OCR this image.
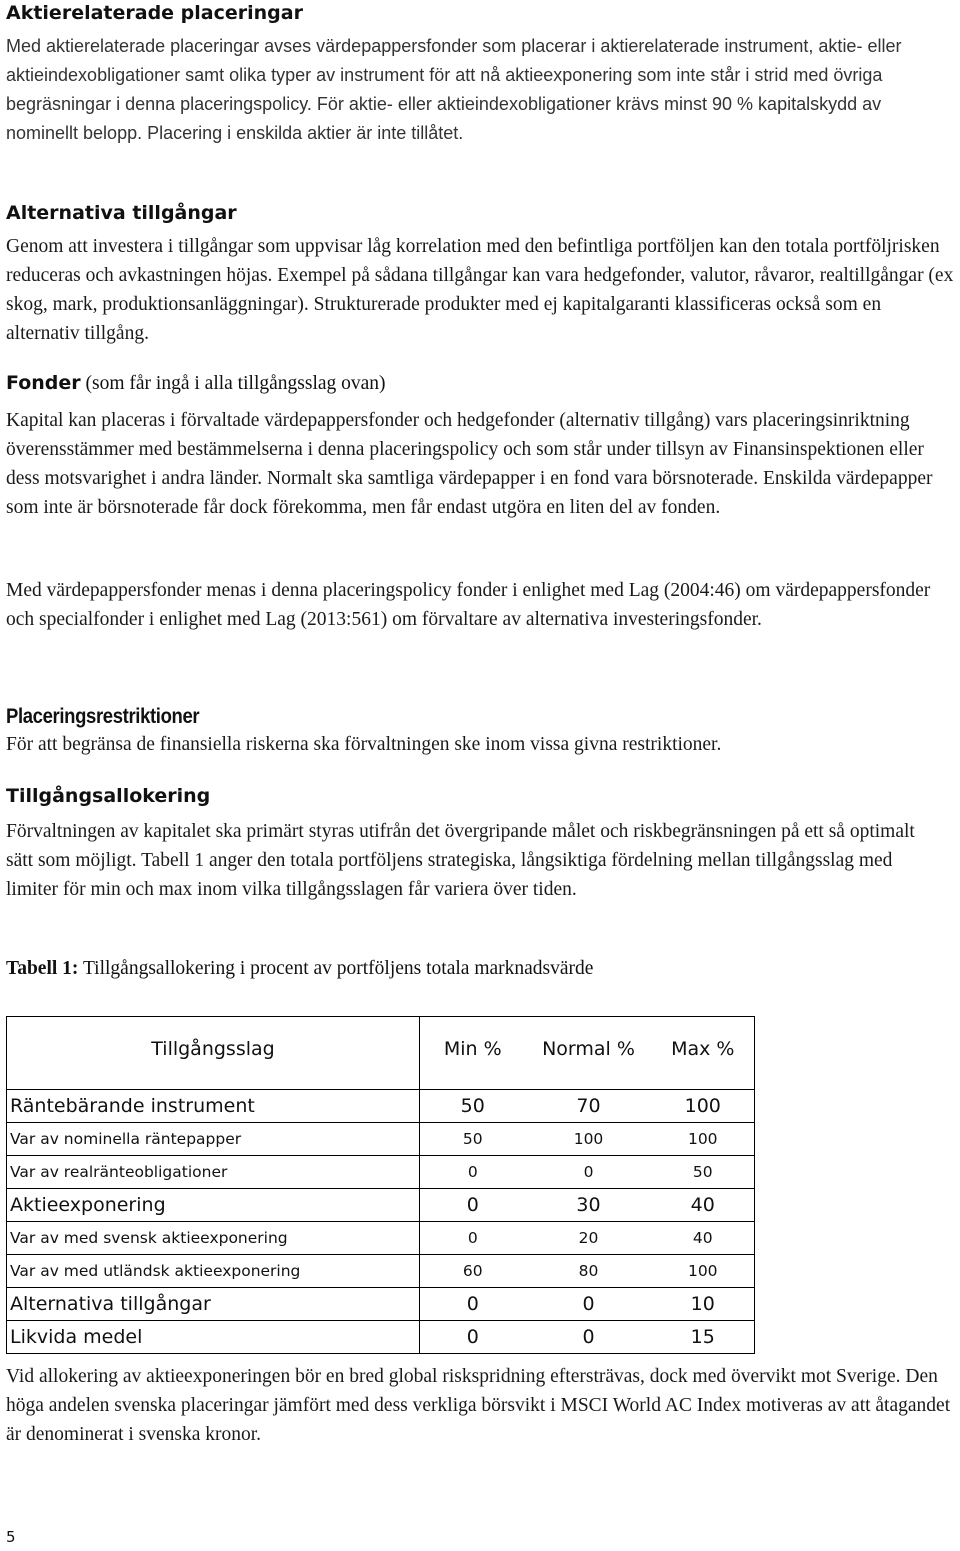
Aktierelaterade placeringar

Med aktierelaterade placeringar avses värdepappersfonder som placerar i aktierelaterade instrument, aktie- eller aktieindexobligationer samt olika typer av instrument för att nå aktieexponering som inte står i strid med övriga begräsningar i denna placeringspolicy. För aktie- eller aktieindexobligationer krävs minst 90 % kapitalskydd av nominellt belopp. Placering i enskilda aktier är inte tillåtet.

Alternativa tillgångar

Genom att investera i tillgångar som uppvisar låg korrelation med den befintliga portföljen kan den totala portföljrisken reduceras och avkastningen höjas. Exempel på sådana tillgångar kan vara hedgefonder, valutor, råvaror, realtillgångar (ex skog, mark, produktionsanläggningar). Strukturerade produkter med ej kapitalgaranti klassificeras också som en alternativ tillgång.

Fonder (som får ingå i alla tillgångsslag ovan)

Kapital kan placeras i förvaltade värdepappersfonder och hedgefonder (alternativ tillgång) vars placeringsinriktning överensstämmer med bestämmelserna i denna placeringspolicy och som står under tillsyn av Finansinspektionen eller dess motsvarighet i andra länder. Normalt ska samtliga värdepapper i en fond vara börsnoterade. Enskilda värdepapper som inte är börsnoterade får dock förekomma, men får endast utgöra en liten del av fonden.

Med värdepappersfonder menas i denna placeringspolicy fonder i enlighet med Lag (2004:46) om värdepappersfonder och specialfonder i enlighet med Lag (2013:561) om förvaltare av alternativa investeringsfonder.

Placeringsrestriktioner

För att begränsa de finansiella riskerna ska förvaltningen ske inom vissa givna restriktioner.

Tillgångsallokering

Förvaltningen av kapitalet ska primärt styras utifrån det övergripande målet och riskbegränsningen på ett så optimalt sätt som möjligt. Tabell 1 anger den totala portföljens strategiska, långsiktiga fördelning mellan tillgångsslag med limiter för min och max inom vilka tillgångsslagen får variera över tiden.

Tabell 1: Tillgångsallokering i procent av portföljens totala marknadsvärde
Tillgångsslag	Min %	Normal %	Max %

Räntebärande instrument	50	70	100
Var av nominella räntepapper	50	100	100
Var av realränteobligationer	0	0	50
Aktieexponering	0	30	40
Var av med svensk aktieexponering	0	20	40
Var av med utländsk aktieexponering	60	80	100
Alternativa tillgångar	0	0	10
Likvida medel	0	0	15

Vid allokering av aktieexponeringen bör en bred global riskspridning eftersträvas, dock med övervikt mot Sverige. Den höga andelen svenska placeringar jämfört med dess verkliga börsvikt i MSCI World AC Index motiveras av att åtagandet är denominerat i svenska kronor.

5
